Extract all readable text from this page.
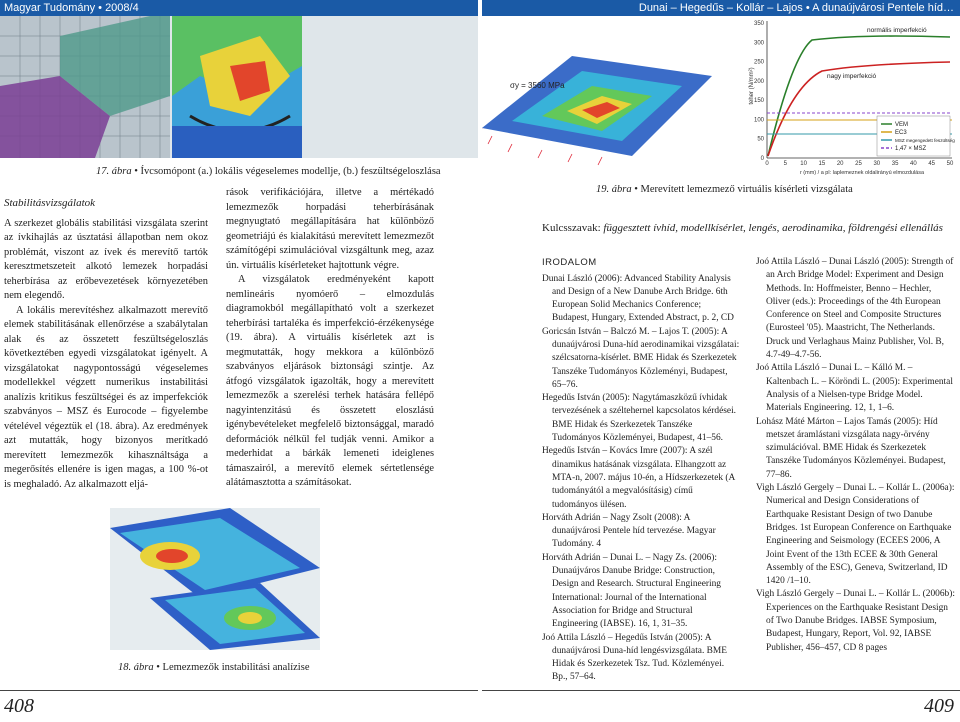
Magyar Tudomány • 2008/4	Dunai – Hegedűs – Kollár – Lajos • A dunaújvárosi Pentele híd…
σy = 3560 MPa	teher (N/mm²)
r (mm) / a pl: laplemeznek oldalirányú elmozdulása
0 5 10 15 20 25 30 35 40 45 50
0
50
100
150
200
250
300
350
normális imperfekció
nagy imperfekció
VEM
EC3
MSZ megengedett feszültség
1,47 × MSZ
17. ábra • Ívcsomópont (a.) lokális végeselemes modellje, (b.) feszültségeloszlása
19. ábra • Merevített lemezmező virtuális kísérleti vizsgálata
Stabilitásvizsgálatok

A szerkezet globális stabilitási vizsgálata szerint az ívkihajlás az úsztatási állapotban nem okoz problémát, viszont az ívek és merevítő tartók keresztmetszeteit alkotó lemezek horpadási teherbírása az erőbevezetések környezetében nem elegendő.

A lokális merevítéshez alkalmazott merevítő elemek stabilitásának ellenőrzése a szabálytalan alak és az összetett feszültségeloszlás következtében egyedi vizsgálatokat igényelt. A vizsgálatokat nagypontosságú végeselemes modellekkel végzett numerikus instabilitási analízis kritikus feszültségei és az imperfekciók szabványos – MSZ és Eurocode – figyelembe vételével végeztük el (18. ábra). Az eredmények azt mutatták, hogy bizonyos merítkadó merevített lemezmezők kihasználtsága a megerősítés ellenére is igen magas, a 100 %-ot is meghaladó. Az alkalmazott eljá-

rások verifikációjára, illetve a mértékadó lemezmezők horpadási teherbírásának megnyugtató megállapítására hat különböző geometriájú és kialakítású merevített lemezmezőt számítógépi szimulációval vizsgáltunk meg, azaz ún. virtuális kísérleteket hajtottunk végre.

A vizsgálatok eredményeként kapott nemlineáris nyomóerő – elmozdulás diagramokból megállapítható volt a szerkezet teherbírási tartaléka és imperfekció-érzékenysége (19. ábra). A virtuális kísérletek azt is megmutatták, hogy mekkora a különböző szabványos eljárások biztonsági szintje. Az átfogó vizsgálatok igazolták, hogy a merevített lemezmezők a szerelési terhek hatására fellépő nagyintenzitású és összetett eloszlású igénybevételeket megfelelő biztonsággal, maradó deformációk nélkül fel tudják venni. Amikor a mederhidat a bárkák lemeneti ideiglenes támaszairól, a merevítő elemek sértetlensége alátámasztotta a számításokat.

18. ábra • Lemezmezők instabilitási analízise
Kulcsszavak: függesztett ívhíd, modellkísérlet, lengés, aerodinamika, földrengési ellenállás
IRODALOM
Dunai László (2006): Advanced Stability Analysis and Design of a New Danube Arch Bridge. 6th European Solid Mechanics Conference; Budapest, Hungary, Extended Abstract, p. 2, CD
Goricsán István – Balczó M. – Lajos T. (2005): A dunaújvárosi Duna-híd aerodinamikai vizsgálatai: szélcsatorna-kísérlet. BME Hidak és Szerkezetek Tanszéke Tudományos Közleményi, Budapest, 65–76.
Hegedűs István (2005): Nagytámaszközű ívhidak tervezésének a széltehernel kapcsolatos kérdései. BME Hidak és Szerkezetek Tanszéke Tudományos Közleményei, Budapest, 41–56.
Hegedűs István – Kovács Imre (2007): A szél dinamikus hatásának vizsgálata. Elhangzott az MTA-n, 2007. május 10-én, a Hídszerkezetek (A tudományától a megvalósításig) című tudományos ülésen.
Horváth Adrián – Nagy Zsolt (2008): A dunaújvárosi Pentele híd tervezése. Magyar Tudomány. 4
Horváth Adrián – Dunai L. – Nagy Zs. (2006): Dunaújváros Danube Bridge: Construction, Design and Research. Structural Engineering International: Journal of the International Association for Bridge and Structural Engineering (IABSE). 16, 1, 31–35.
Joó Attila László – Hegedűs István (2005): A dunaújvárosi Duna-híd lengésvizsgálata. BME Hidak és Szerkezetek Tsz. Tud. Közleményei. Bp., 57–64.
Joó Attila László – Dunai László (2005): Strength of an Arch Bridge Model: Experiment and Design Methods. In: Hoffmeister, Benno – Hechler, Oliver (eds.): Proceedings of the 4th European Conference on Steel and Composite Structures (Eurosteel '05). Maastricht, The Netherlands. Druck und Verlaghaus Mainz Publisher, Vol. B, 4.7-49–4.7-56.
Joó Attila László – Dunai L. – Kálló M. – Kaltenbach L. – Köröndi L. (2005): Experimental Analysis of a Nielsen-type Bridge Model. Materials Engineering. 12, 1, 1–6.
Lohász Máté Márton – Lajos Tamás (2005): Híd metszet áramlástani vizsgálata nagy-örvény szimulációval. BME Hidak és Szerkezetek Tanszéke Tudományos Közleményei. Budapest, 77–86.
Vigh László Gergely – Dunai L. – Kollár L. (2006a): Numerical and Design Considerations of Earthquake Resistant Design of two Danube Bridges. 1st European Conference on Earthquake Engineering and Seismology (ECEES 2006, A Joint Event of the 13th ECEE & 30th General Assembly of the ESC), Geneva, Switzerland, ID 1420 /1–10.
Vigh László Gergely – Dunai L. – Kollár L. (2006b): Experiences on the Earthquake Resistant Design of Two Danube Bridges. IABSE Symposium, Budapest, Hungary, Report, Vol. 92, IABSE Publisher, 456–457, CD 8 pages
408	409
